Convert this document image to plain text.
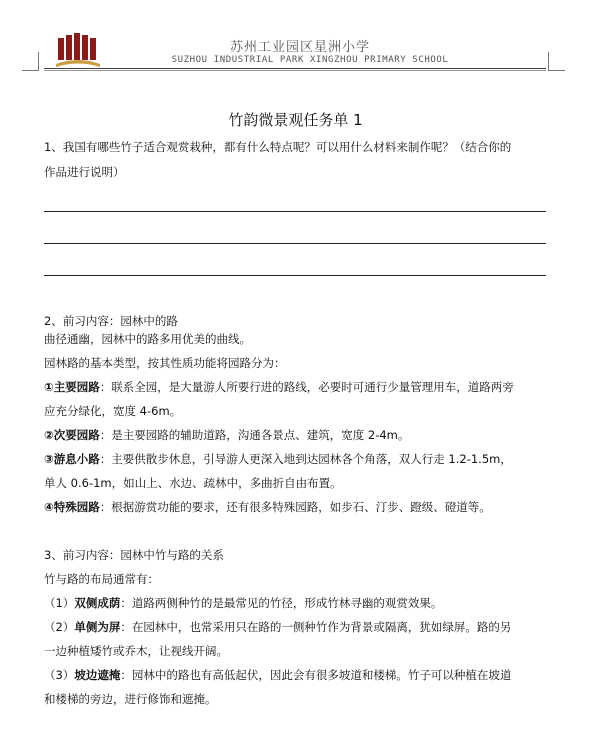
苏州工业园区星洲小学
SUZHOU INDUSTRIAL PARK XINGZHOU PRIMARY SCHOOL
竹韵微景观任务单 1
1、我国有哪些竹子适合观赏栽种，都有什么特点呢？可以用什么材料来制作呢？（结合你的
作品进行说明）
2、前习内容：园林中的路
曲径通幽，园林中的路多用优美的曲线。
园林路的基本类型，按其性质功能将园路分为：
①主要园路：联系全园，是大量游人所要行进的路线，必要时可通行少量管理用车，道路两旁
应充分绿化，宽度 4-6m。
②次要园路：是主要园路的辅助道路，沟通各景点、建筑，宽度 2-4m。
③游息小路：主要供散步休息，引导游人更深入地到达园林各个角落，双人行走 1.2-1.5m，
单人 0.6-1m，如山上、水边、疏林中，多曲折自由布置。
④特殊园路：根据游赏功能的要求，还有很多特殊园路，如步石、汀步、蹬级、磴道等。
3、前习内容：园林中竹与路的关系
竹与路的布局通常有：
（1）双侧成荫：道路两侧种竹的是最常见的竹径，形成竹林寻幽的观赏效果。
（2）单侧为屏：在园林中，也常采用只在路的一侧种竹作为背景或隔离，犹如绿屏。路的另
一边种植矮竹或乔木，让视线开阔。
（3）坡边遮掩：园林中的路也有高低起伏，因此会有很多坡道和楼梯。竹子可以种植在坡道
和楼梯的旁边，进行修饰和遮掩。
